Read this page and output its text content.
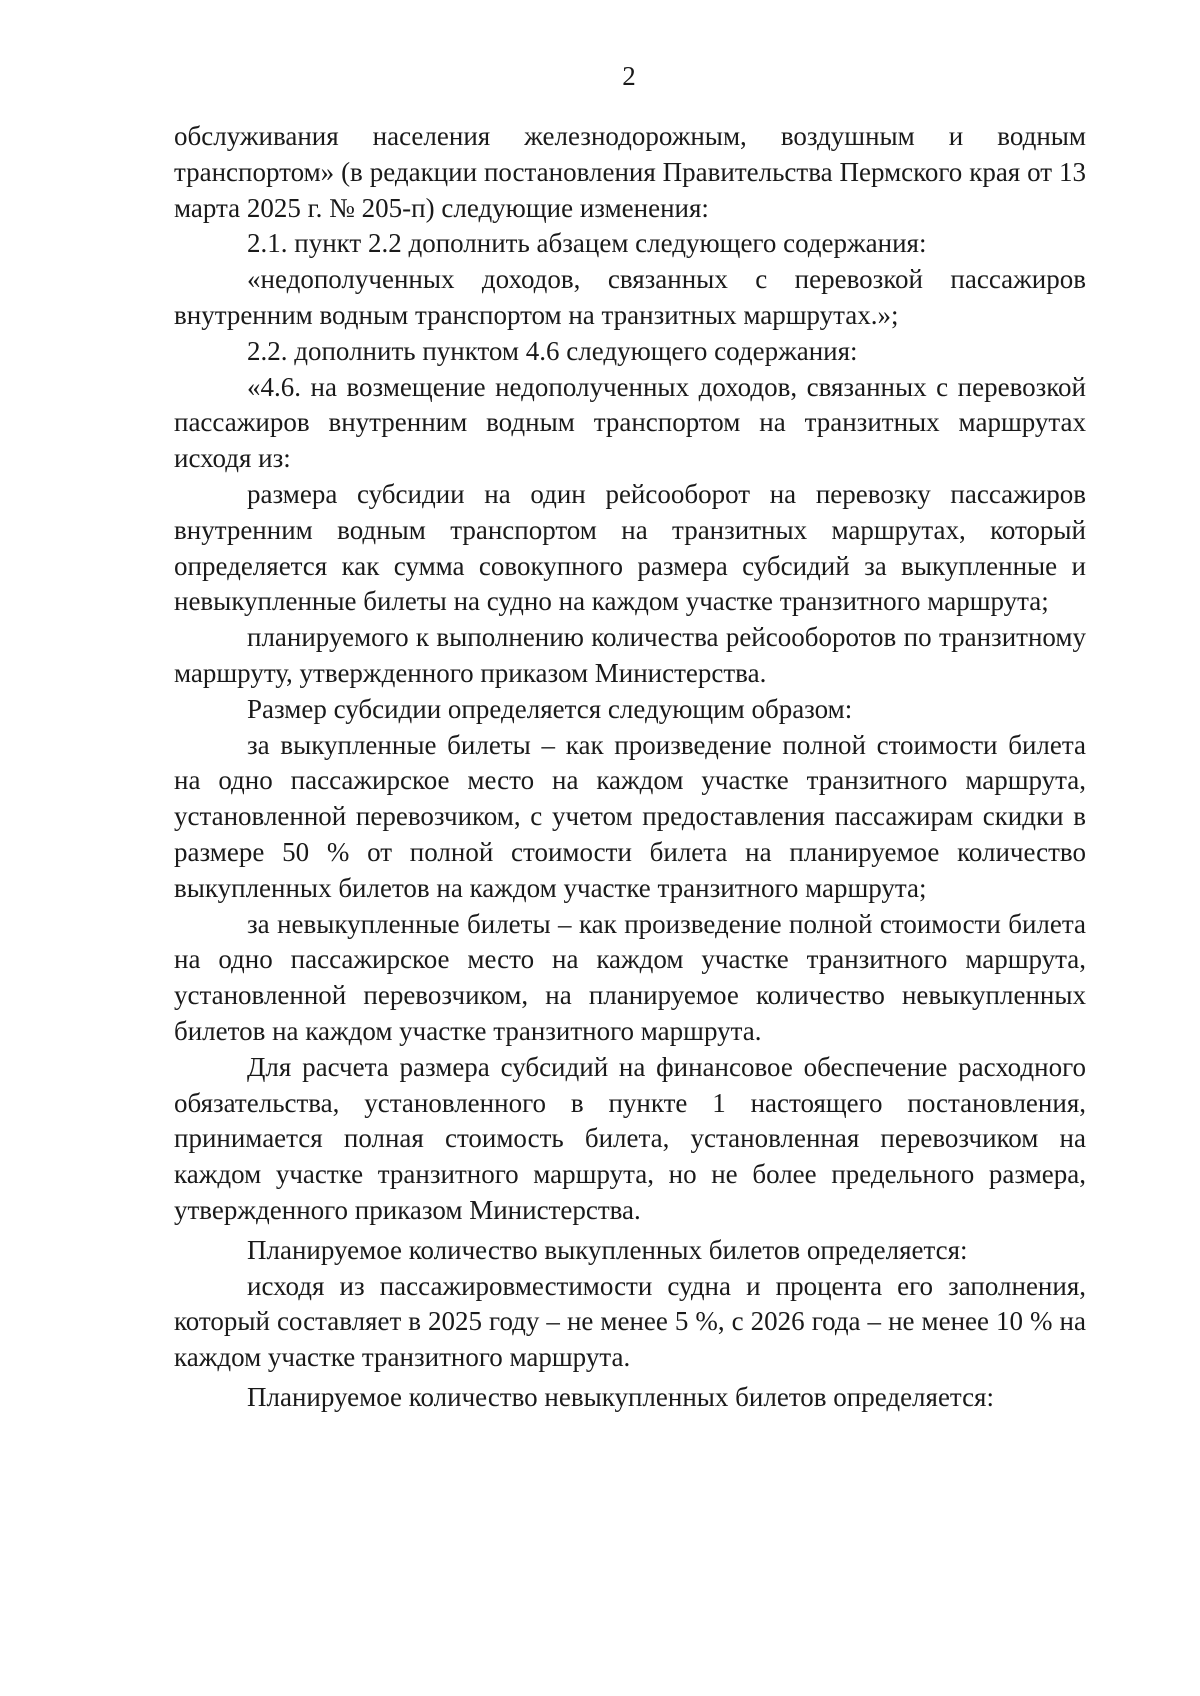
2

обслуживания населения железнодорожным, воздушным и водным транспортом» (в редакции постановления Правительства Пермского края от 13 марта 2025 г. № 205-п) следующие изменения:

2.1. пункт 2.2 дополнить абзацем следующего содержания:

«недополученных доходов, связанных с перевозкой пассажиров внутренним водным транспортом на транзитных маршрутах.»;

2.2. дополнить пунктом 4.6 следующего содержания:

«4.6. на возмещение недополученных доходов, связанных с перевозкой пассажиров внутренним водным транспортом на транзитных маршрутах исходя из:

размера субсидии на один рейсооборот на перевозку пассажиров внутренним водным транспортом на транзитных маршрутах, который определяется как сумма совокупного размера субсидий за выкупленные и невыкупленные билеты на судно на каждом участке транзитного маршрута;

планируемого к выполнению количества рейсооборотов по транзитному маршруту, утвержденного приказом Министерства.

Размер субсидии определяется следующим образом:

за выкупленные билеты – как произведение полной стоимости билета на одно пассажирское место на каждом участке транзитного маршрута, установленной перевозчиком, с учетом предоставления пассажирам скидки в размере 50 % от полной стоимости билета на планируемое количество выкупленных билетов на каждом участке транзитного маршрута;

за невыкупленные билеты – как произведение полной стоимости билета на одно пассажирское место на каждом участке транзитного маршрута, установленной перевозчиком, на планируемое количество невыкупленных билетов на каждом участке транзитного маршрута.

Для расчета размера субсидий на финансовое обеспечение расходного обязательства, установленного в пункте 1 настоящего постановления, принимается полная стоимость билета, установленная перевозчиком на каждом участке транзитного маршрута, но не более предельного размера, утвержденного приказом Министерства.

Планируемое количество выкупленных билетов определяется:

исходя из пассажировместимости судна и процента его заполнения, который составляет в 2025 году – не менее 5 %, с 2026 года – не менее 10 % на каждом участке транзитного маршрута.

Планируемое количество невыкупленных билетов определяется:
